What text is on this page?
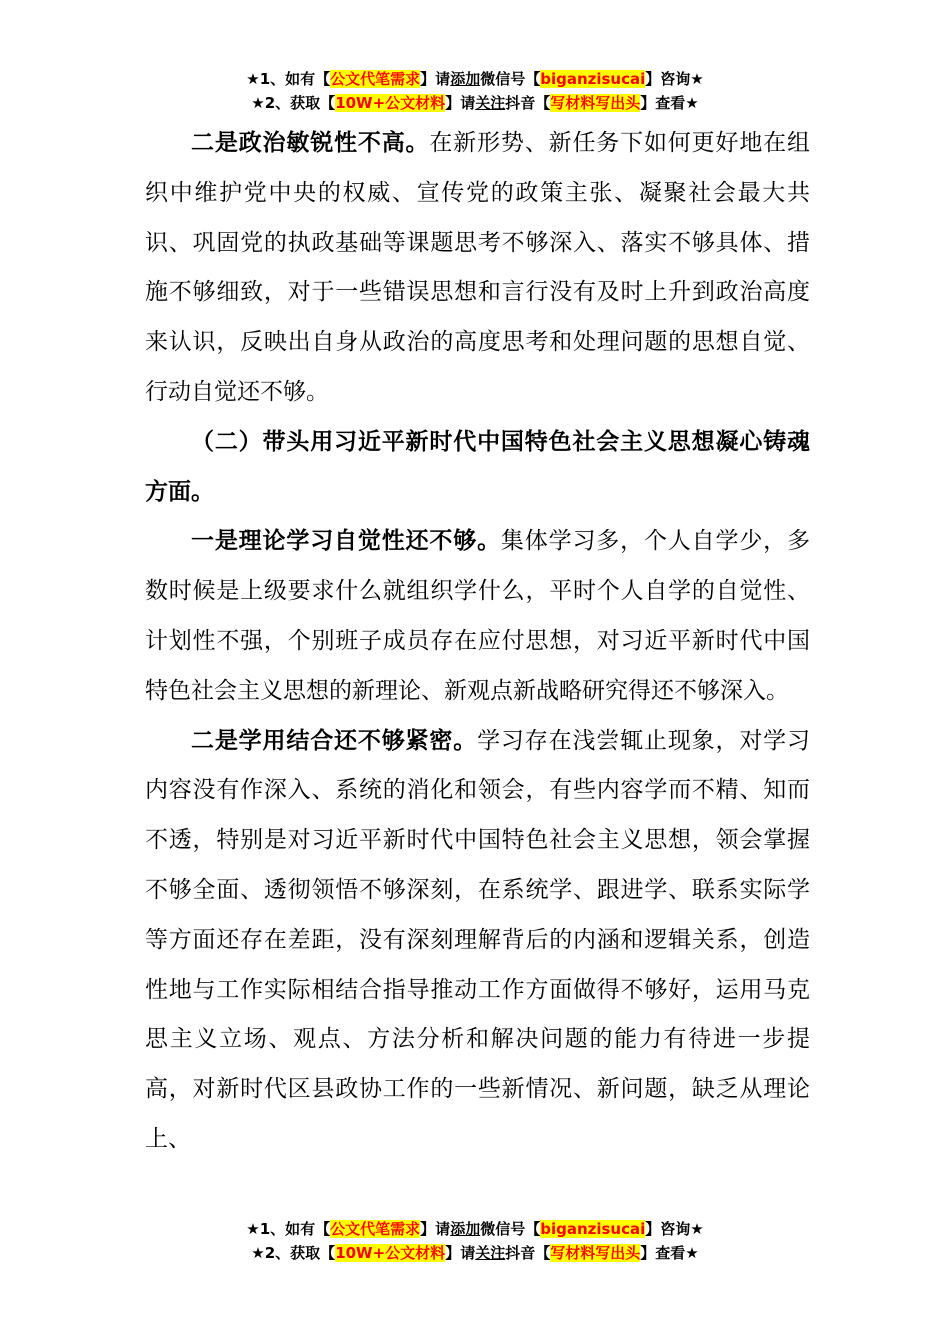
★1、如有【公文代笔需求】请添加微信号【biganzisucai】咨询★
★2、获取【10W+公文材料】请关注抖音【写材料写出头】查看★

二是政治敏锐性不高。在新形势、新任务下如何更好地在组织中维护党中央的权威、宣传党的政策主张、凝聚社会最大共识、巩固党的执政基础等课题思考不够深入、落实不够具体、措施不够细致，对于一些错误思想和言行没有及时上升到政治高度来认识，反映出自身从政治的高度思考和处理问题的思想自觉、行动自觉还不够。

（二）带头用习近平新时代中国特色社会主义思想凝心铸魂方面。

一是理论学习自觉性还不够。集体学习多，个人自学少，多数时候是上级要求什么就组织学什么，平时个人自学的自觉性、计划性不强，个别班子成员存在应付思想，对习近平新时代中国特色社会主义思想的新理论、新观点新战略研究得还不够深入。

二是学用结合还不够紧密。学习存在浅尝辄止现象，对学习内容没有作深入、系统的消化和领会，有些内容学而不精、知而不透，特别是对习近平新时代中国特色社会主义思想，领会掌握不够全面、透彻领悟不够深刻，在系统学、跟进学、联系实际学等方面还存在差距，没有深刻理解背后的内涵和逻辑关系，创造性地与工作实际相结合指导推动工作方面做得不够好，运用马克思主义立场、观点、方法分析和解决问题的能力有待进一步提高，对新时代区县政协工作的一些新情况、新问题，缺乏从理论上、

★1、如有【公文代笔需求】请添加微信号【biganzisucai】咨询★
★2、获取【10W+公文材料】请关注抖音【写材料写出头】查看★
